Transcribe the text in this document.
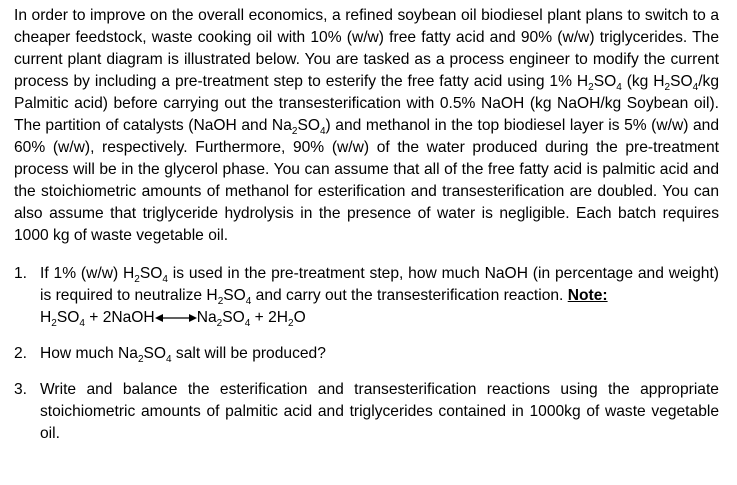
In order to improve on the overall economics, a refined soybean oil biodiesel plant plans to switch to a cheaper feedstock, waste cooking oil with 10% (w/w) free fatty acid and 90% (w/w) triglycerides. The current plant diagram is illustrated below. You are tasked as a process engineer to modify the current process by including a pre-treatment step to esterify the free fatty acid using 1% $H_2SO_4$ (kg $H_2SO_4/kg$ Palmitic acid) before carrying out the transesterification with 0.5% NaOH (kg NaOH/kg Soybean oil). The partition of catalysts (NaOH and $Na_2SO_4$) and methanol in the top biodiesel layer is 5% (w/w) and 60% (w/w), respectively. Furthermore, 90% (w/w) of the water produced during the pre-treatment process will be in the glycerol phase. You can assume that all of the free fatty acid is palmitic acid and the stoichiometric amounts of methanol for esterification and transesterification are doubled. You can also assume that triglyceride hydrolysis in the presence of water is negligible. Each batch requires 1000 kg of waste vegetable oil.

1. If 1% (w/w) $H_2SO_4$ is used in the pre-treatment step, how much NaOH (in percentage and weight) is required to neutralize $H_2SO_4$ and carry out the transesterification reaction. Note:
$H_2SO_4$ + 2NaOH	$Na_2SO_4 + 2H_2O$
2. How much $Na_2SO_4$ salt will be produced?
3. Write and balance the esterification and transesterification reactions using the appropriate stoichiometric amounts of palmitic acid and triglycerides contained in 1000kg of waste vegetable oil.
